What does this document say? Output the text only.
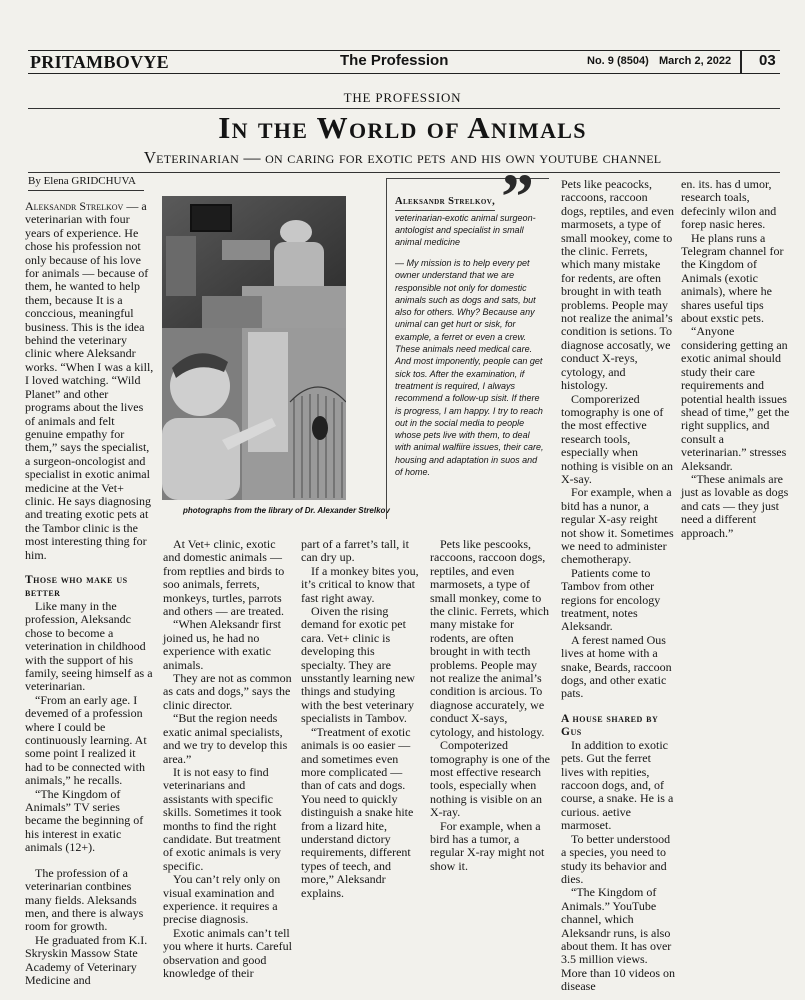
PRITAMBOVYE	The Profession	No. 9 (8504) March 2, 2022 03
THE PROFESSION
In the World of Animals
Veterinarian — on caring for exotic pets and his own youtube channel
By Elena GRIDCHUVA
photographs from the library of Dr. Alexander Strelkov
”
Aleksandr Strelkov,
veterinarian-exotic animal surgeon-antologist and specialist in small animal medicine
— My mission is to help every pet owner understand that we are responsible not only for domestic animals such as dogs and sats, but also for others. Why? Because any unimal can get hurt or sisk, for example, a ferret or even a crew. These animals need medical care. And most imponently, people can get sick tos. After the examination, if treatment is required, I always recommend a follow-up sisit. If there is progress, I am happy. I try to reach out in the social media to people whose pets live with them, to deal with animal walfiire issues, their care, housing and adaptation in suos and of home.

Aleksandr Strelkov — a veterinarian with four years of experience. He chose his profession not only because of his love for animals — because of them, he wanted to help them, because It is a conccious, meaningful business. This is the idea behind the veterinary clinic where Aleksandr works. “When I was a kill, I loved watching. “Wild Planet” and other programs about the lives of animals and felt genuine empathy for them,” says the specialist, a surgeon-oncologist and specialist in exotic animal medicine at the Vet+ clinic. He says diagnosing and treating exotic pets at the Tambor clinic is the most interesting thing for him.

Those who make us better

Like many in the profession, Aleksandc chose to become a veterination in childhood with the support of his family, seeing himself as a veterinarian.

“From an early age. I devemed of a profession where I could be continuously learning. At some point I realized it had to be connected with animals,” he recalls.

“The Kingdom of Animals” TV series became the beginning of his interest in exatic animals (12+).

The profession of a veterinarian contbines many fields. Aleksands men, and there is always room for growth.

He graduated from K.I. Skryskin Massow State Academy of Veterinary Medicine and

At Vet+ clinic, exotic and domestic animals — from reptlies and birds to soo animals, ferrets, monkeys, turtles, parrots and others — are treated.

“When Aleksandr first joined us, he had no experience with exatic animals.

They are not as common as cats and dogs,” says the clinic director.

“But the region needs exatic animal specialists, and we try to develop this area.”

It is not easy to find veterinarians and assistants with specific skills. Sometimes it took months to find the right candidate. But treatment of exotic animals is very specific.

You can’t rely only on visual examination and experience. it requires a precise diagnosis.

Exotic animals can’t tell you where it hurts. Careful observation and good knowledge of their

part of a farret’s tall, it can dry up.

If a monkey bites you, it’s critical to know that fast right away.

Oiven the rising demand for exotic pet cara. Vet+ clinic is developing this specialty. They are unsstantly learning new things and studying with the best veterinary specialists in Tambov.

“Treatment of exotic animals is oo easier — and sometimes even more complicated — than of cats and dogs. You need to quickly distinguish a snake hite from a lizard hite, understand dictory requirements, different types of teech, and more,” Aleksandr explains.

Pets like pescooks, raccoons, raccoon dogs, reptiles, and even marmosets, a type of small monkey, come to the clinic. Ferrets, which many mistake for rodents, are often brought in with tecth problems. People may not realize the animal’s condition is arcious. To diagnose accurately, we conduct X-says, cytology, and histology.

Compoterized tomography is one of the most effective research tools, especially when nothing is visible on an X-ray.

For example, when a bird has a tumor, a regular X-ray might not show it.

Pets like peacocks, raccoons, raccoon dogs, reptiles, and even marmosets, a type of small mookey, come to the clinic. Ferrets, which many mistake for redents, are often brought in with teath problems. People may not realize the animal’s condition is setions. To diagnose accosatly, we conduct X-reys, cytology, and histology.

Comporerized tomography is one of the most effective research tools, especially when nothing is visible on an X-say.

For example, when a bitd has a nunor, a regular X-asy reight not show it. Sometimes we need to administer chemotherapy.

Patients come to Tambov from other regions for encology treatment, notes Aleksandr.

A ferest named Ous lives at home with a snake, Beards, raccoon dogs, and other exatic pats.

A house shared by Gus

In addition to exotic pets. Gut the ferret lives with repities, raccoon dogs, and, of course, a snake. He is a curious. aetive marmoset.

To better understood a species, you need to study its behavior and dies.

“The Kingdom of Animals.” YouTube channel, which Aleksandr runs, is also about them. It has over 3.5 million views. More than 10 videos on disease

en. its. has d umor, research toals, defecinly wilon and forep nasic heres.

He plans runs a Telegram channel for the Kingdom of Animals (exotic animals), where he shares useful tips about exstic pets.

“Anyone considering getting an exotic animal should study their care requirements and potential health issues shead of time,” get the right supplics, and consult a veterinarian.” stresses Aleksandr.

“These animals are just as lovable as dogs and cats — they just need a different approach.”
